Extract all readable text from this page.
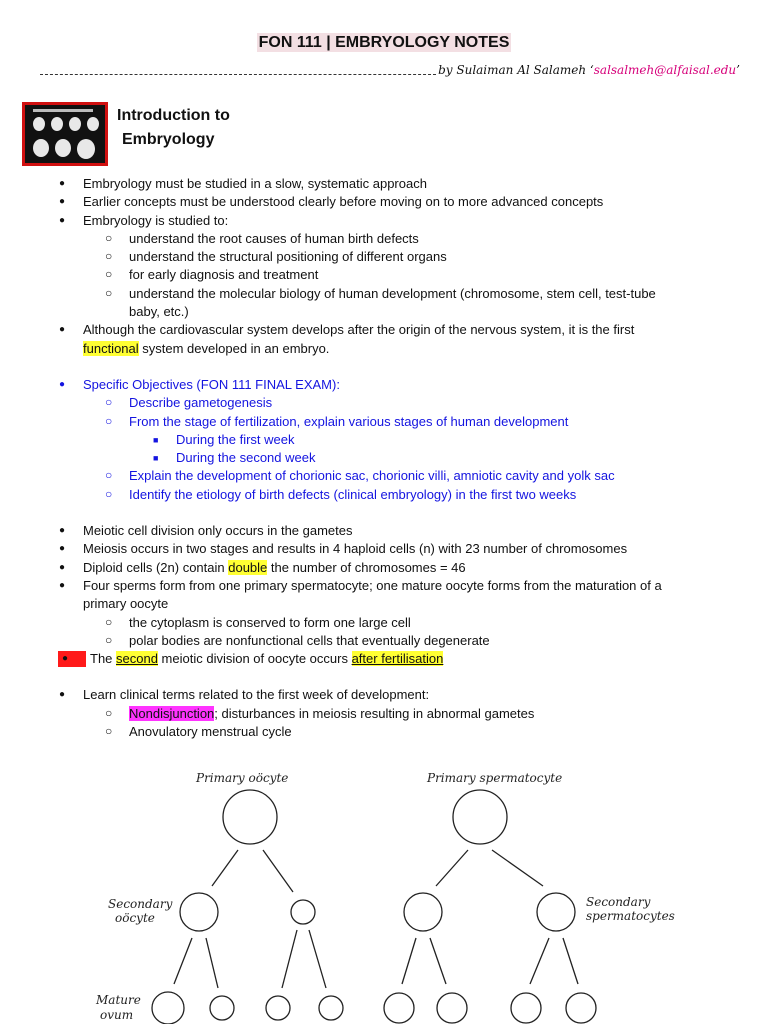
FON 111 | EMBRYOLOGY NOTES
by Sulaiman Al Salameh ‘salsalmeh@alfaisal.edu’
Introduction to
Embryology
● Embryology must be studied in a slow, systematic approach
● Earlier concepts must be understood clearly before moving on to more advanced concepts
● Embryology is studied to:
○ understand the root causes of human birth defects
○ understand the structural positioning of different organs
○ for early diagnosis and treatment
○ understand the molecular biology of human development (chromosome, stem cell, test-tube
baby, etc.)
● Although the cardiovascular system develops after the origin of the nervous system, it is the first
functional system developed in an embryo.
● Specific Objectives (FON 111 FINAL EXAM):
○ Describe gametogenesis
○ From the stage of fertilization, explain various stages of human development
■ During the first week
■ During the second week
○ Explain the development of chorionic sac, chorionic villi, amniotic cavity and yolk sac
○ Identify the etiology of birth defects (clinical embryology) in the first two weeks
● Meiotic cell division only occurs in the gametes
● Meiosis occurs in two stages and results in 4 haploid cells (n) with 23 number of chromosomes
● Diploid cells (2n) contain double the number of chromosomes = 46
● Four sperms form from one primary spermatocyte; one mature oocyte forms from the maturation of a
primary oocyte
○ the cytoplasm is conserved to form one large cell
○ polar bodies are nonfunctional cells that eventually degenerate
● The second meiotic division of oocyte occurs after fertilisation
● Learn clinical terms related to the first week of development:
○ Nondisjunction; disturbances in meiosis resulting in abnormal gametes
○ Anovulatory menstrual cycle
Primary oöcyte	Primary spermatocyte
Secondary
oöcyte
Secondary
spermatocytes
Mature
ovum
